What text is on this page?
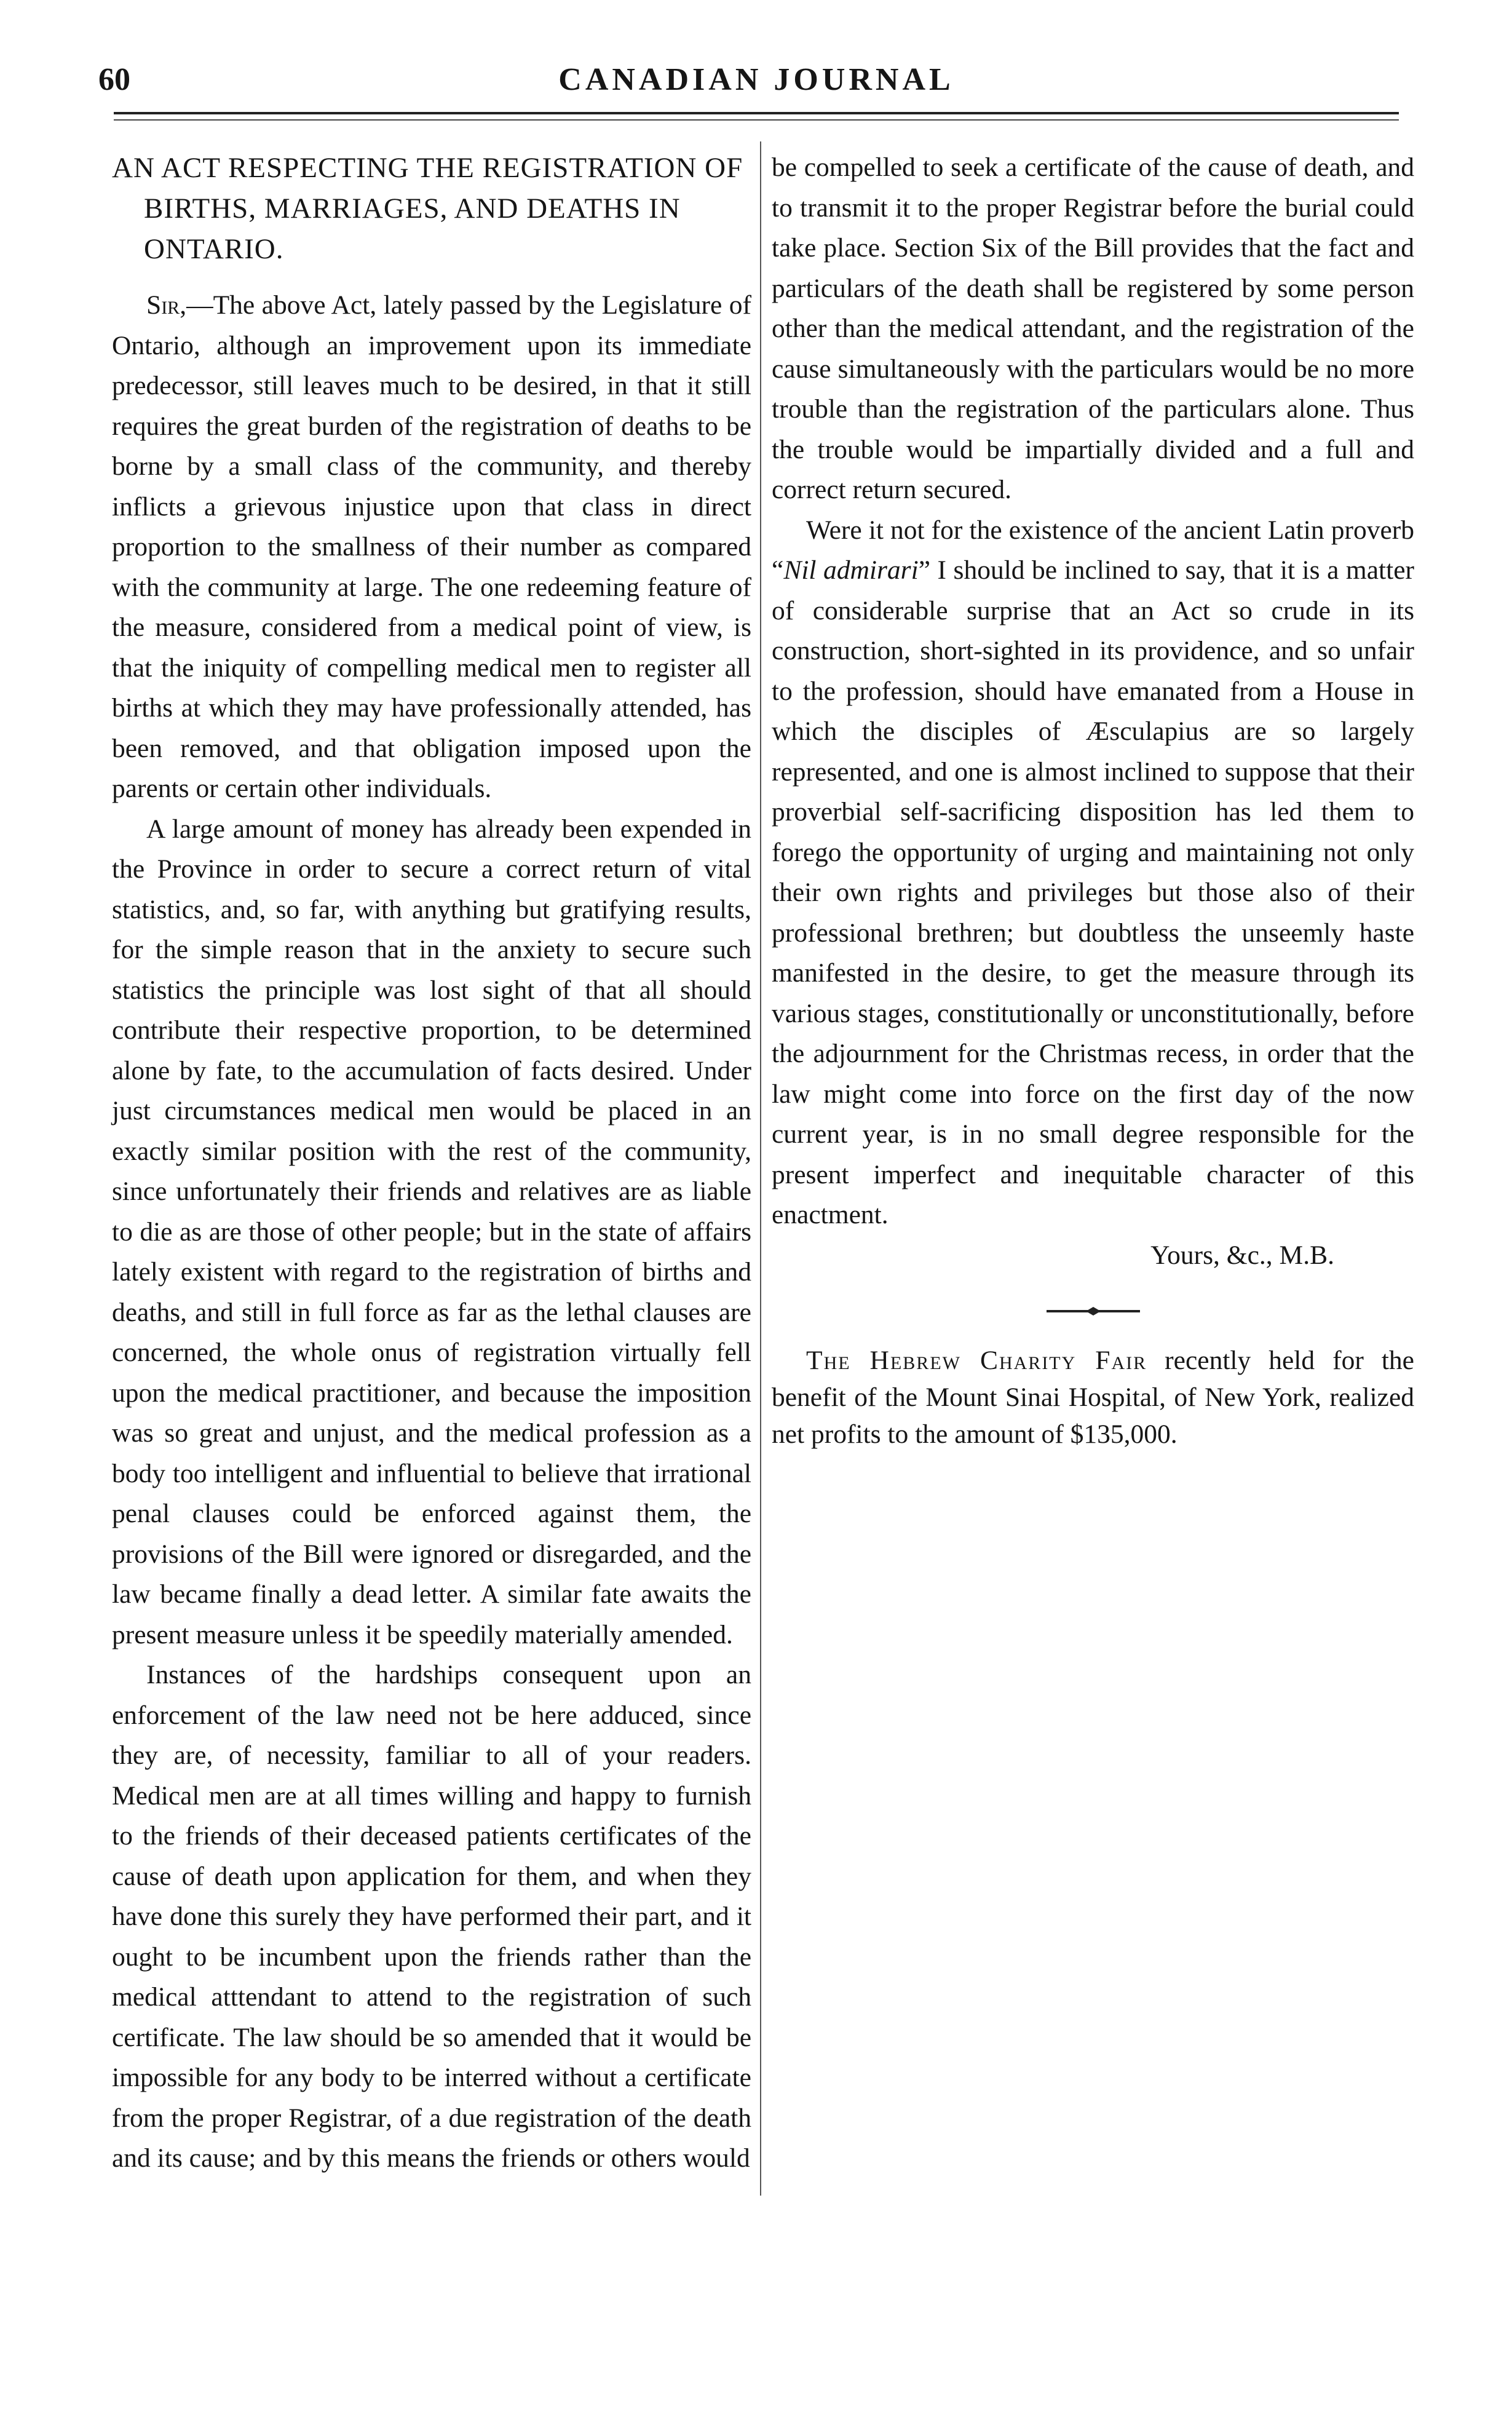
60	CANADIAN JOURNAL
AN ACT RESPECTING THE REGISTRATION OF BIRTHS, MARRIAGES, AND DEATHS IN ONTARIO.

Sir,—The above Act, lately passed by the Legislature of Ontario, although an improvement upon its immediate predecessor, still leaves much to be desired, in that it still requires the great burden of the registration of deaths to be borne by a small class of the community, and thereby inflicts a grievous injustice upon that class in direct proportion to the smallness of their number as compared with the community at large. The one redeeming feature of the measure, considered from a medical point of view, is that the iniquity of compelling medical men to register all births at which they may have professionally attended, has been removed, and that obligation imposed upon the parents or certain other individuals.

A large amount of money has already been expended in the Province in order to secure a correct return of vital statistics, and, so far, with anything but gratifying results, for the simple reason that in the anxiety to secure such statistics the principle was lost sight of that all should contribute their respective proportion, to be determined alone by fate, to the accumulation of facts desired. Under just circumstances medical men would be placed in an exactly similar position with the rest of the community, since unfortunately their friends and relatives are as liable to die as are those of other people; but in the state of affairs lately existent with regard to the registration of births and deaths, and still in full force as far as the lethal clauses are concerned, the whole onus of registration virtually fell upon the medical practitioner, and because the imposition was so great and unjust, and the medical profession as a body too intelligent and influential to believe that irrational penal clauses could be enforced against them, the provisions of the Bill were ignored or disregarded, and the law became finally a dead letter. A similar fate awaits the present measure unless it be speedily materially amended.

Instances of the hardships consequent upon an enforcement of the law need not be here adduced, since they are, of necessity, familiar to all of your readers. Medical men are at all times willing and happy to furnish to the friends of their deceased patients certificates of the cause of death upon application for them, and when they have done this surely they have performed their part, and it ought to be incumbent upon the friends rather than the medical atttendant to attend to the registration of such certificate. The law should be so amended that it would be impossible for any body to be interred without a certificate from the proper Registrar, of a due registration of the death and its cause; and by this means the friends or others would

be compelled to seek a certificate of the cause of death, and to transmit it to the proper Registrar before the burial could take place. Section Six of the Bill provides that the fact and particulars of the death shall be registered by some person other than the medical attendant, and the registration of the cause simultaneously with the particulars would be no more trouble than the registration of the particulars alone. Thus the trouble would be impartially divided and a full and correct return secured.

Were it not for the existence of the ancient Latin proverb “Nil admirari” I should be inclined to say, that it is a matter of considerable surprise that an Act so crude in its construction, short-sighted in its providence, and so unfair to the profession, should have emanated from a House in which the disciples of Æsculapius are so largely represented, and one is almost inclined to suppose that their proverbial self-sacrificing disposition has led them to forego the opportunity of urging and maintaining not only their own rights and privileges but those also of their professional brethren; but doubtless the unseemly haste manifested in the desire, to get the measure through its various stages, constitutionally or unconstitutionally, before the adjournment for the Christmas recess, in order that the law might come into force on the first day of the now current year, is in no small degree responsible for the present imperfect and inequitable character of this enactment.

Yours, &c., M.B.

The Hebrew Charity Fair recently held for the benefit of the Mount Sinai Hospital, of New York, realized net profits to the amount of $135,000.
